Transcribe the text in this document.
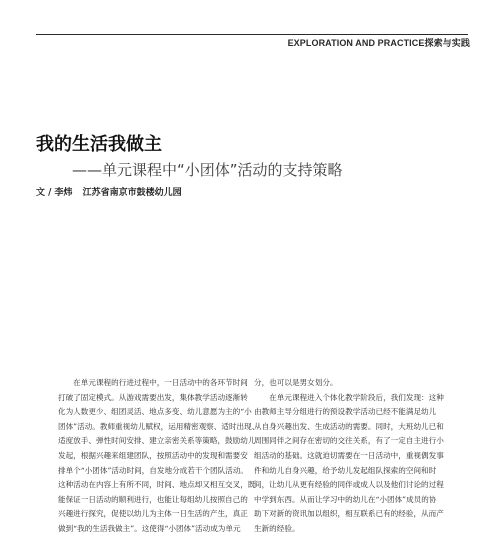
EXPLORATION AND PRACTICE探索与实践
我的生活我做主
——单元课程中“小团体”活动的支持策略
文 / 李炜 江苏省南京市鼓楼幼儿园
　　在单元课程的行进过程中，一日活动中的各环节时间
打破了固定模式。从游戏需要出发，集体教学活动逐渐转
化为人数更少、组团灵活、地点多变、幼儿意愿为主的“小
团体”活动。教师重视幼儿赋权，运用精密观察、适时出现、
适度放手、弹性时间安排、建立亲密关系等策略，鼓励幼儿
发起，根据兴趣来组建团队，按照活动中的发现和需要安
排单个“小团体”活动时间，自发地分成若干个团队活动。
这种活动在内容上有所不同，时间、地点却又相互交叉，既
能保证一日活动的顺利进行，也能让每组幼儿按照自己的
兴趣进行探究，促使以幼儿为主体一日生活的产生，真正
做到“我的生活我做主”。这使得“小团体”活动成为单元
分，也可以是男女划分。
　　在单元课程进入个体化教学阶段后，我们发现：这种
由教师主导分组进行的预设教学活动已经不能满足幼儿
从自身兴趣出发、生成活动的需要。同时，大班幼儿已和
周围同伴之间存在密切的交往关系，有了一定自主进行小
组活动的基础。这就迫切需要在一日活动中，重视偶发事
件和幼儿自身兴趣，给予幼儿发起组队探索的空间和时
间，让幼儿从更有经验的同伴或成人以及他们讨论的过程
中学到东西。从而让学习中的幼儿在“小团体”成员的协
助下对新的资讯加以组织，相互联系已有的经验，从而产
生新的经验。
